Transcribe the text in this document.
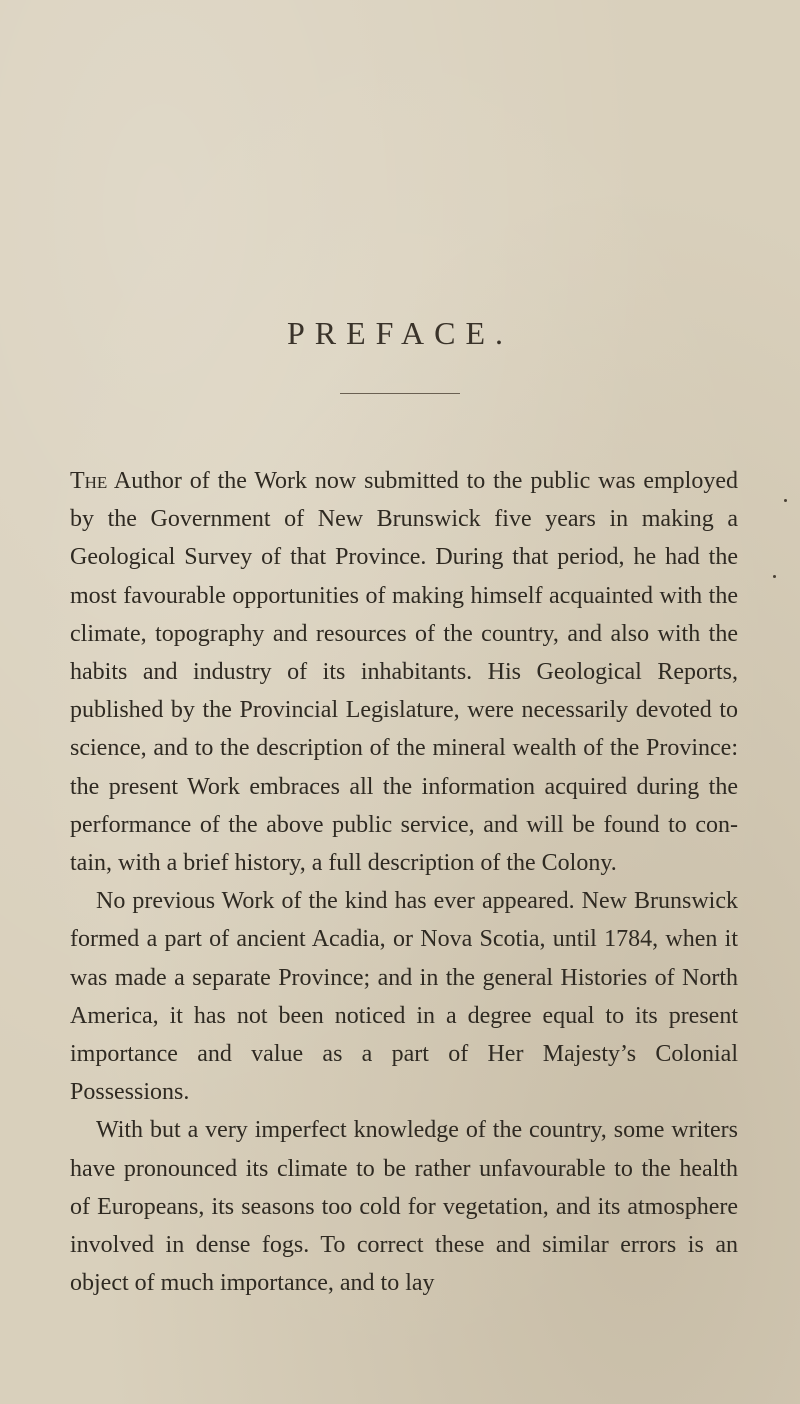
PREFACE.

The Author of the Work now submitted to the public was employed by the Government of New Brunswick five years in making a Geological Survey of that Province. During that period, he had the most favourable opportunities of making himself acquainted with the climate, topography and resources of the country, and also with the habits and industry of its inhabitants. His Geological Reports, published by the Provincial Legislature, were necessarily devoted to science, and to the description of the mineral wealth of the Province: the present Work embraces all the information acquired during the performance of the above public service, and will be found to contain, with a brief history, a full description of the Colony.

No previous Work of the kind has ever appeared. New Brunswick formed a part of ancient Acadia, or Nova Scotia, until 1784, when it was made a separate Province; and in the general Histories of North America, it has not been noticed in a degree equal to its present importance and value as a part of Her Majesty’s Colonial Possessions.

With but a very imperfect knowledge of the country, some writers have pronounced its climate to be rather unfavourable to the health of Europeans, its seasons too cold for vegetation, and its atmosphere involved in dense fogs. To correct these and similar errors is an object of much importance, and to lay
